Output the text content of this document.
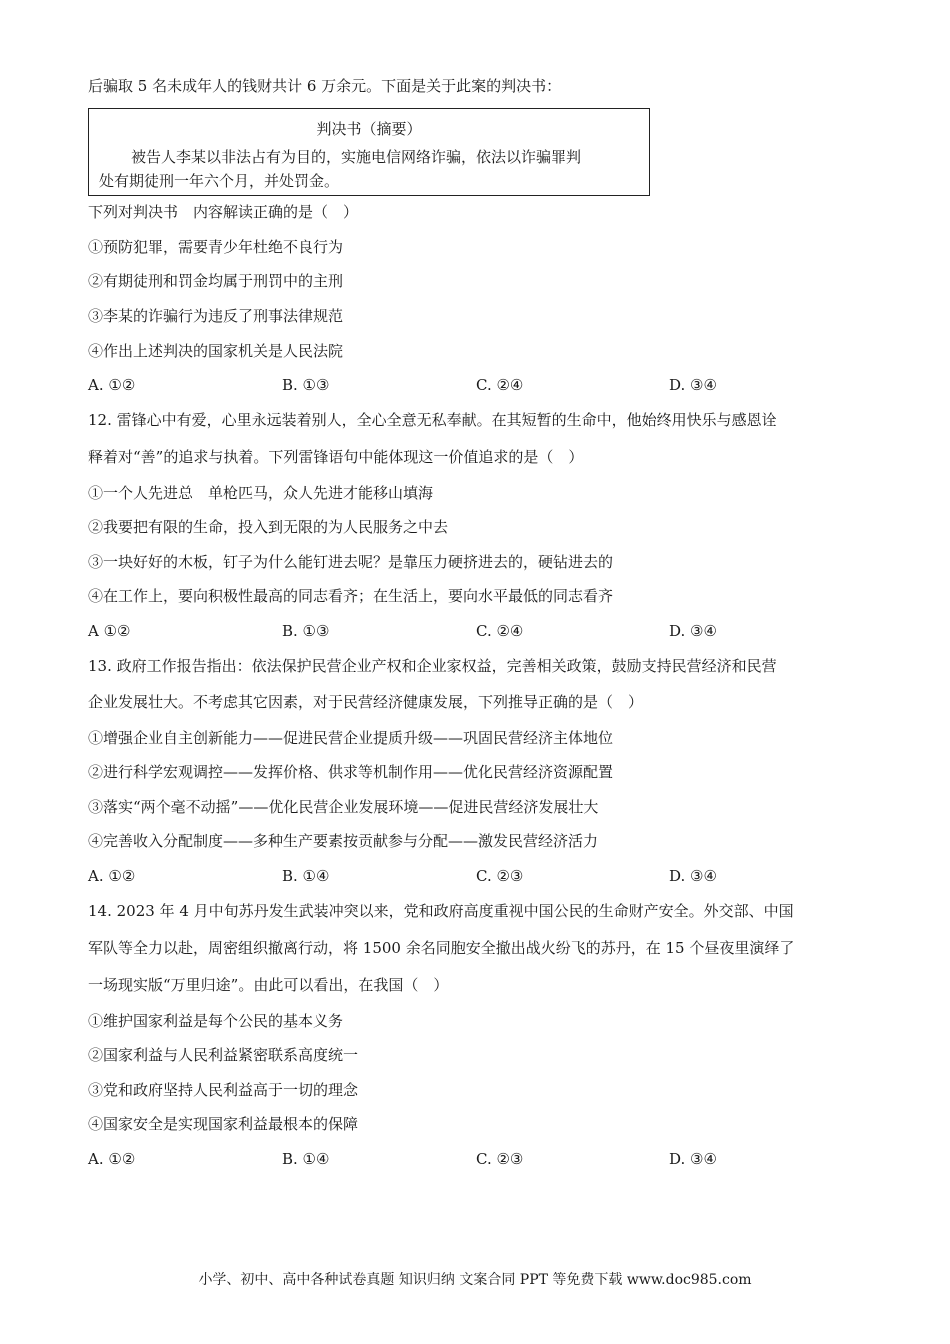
后骗取 5 名未成年人的钱财共计 6 万余元。下面是关于此案的判决书：
判决书（摘要）
被告人李某以非法占有为目的，实施电信网络诈骗，依法以诈骗罪判
处有期徒刑一年六个月，并处罚金。
下列对判决书　内容解读正确的是（　）
①预防犯罪，需要青少年杜绝不良行为
②有期徒刑和罚金均属于刑罚中的主刑
③李某的诈骗行为违反了刑事法律规范
④作出上述判决的国家机关是人民法院
A. ①②	B. ①③	C. ②④	D. ③④
12. 雷锋心中有爱，心里永远装着别人，全心全意无私奉献。在其短暂的生命中，他始终用快乐与感恩诠
释着对“善”的追求与执着。下列雷锋语句中能体现这一价值追求的是（　）
①一个人先进总　单枪匹马，众人先进才能移山填海
②我要把有限的生命，投入到无限的为人民服务之中去
③一块好好的木板，钉子为什么能钉进去呢？是靠压力硬挤进去的，硬钻进去的
④在工作上，要向积极性最高的同志看齐；在生活上，要向水平最低的同志看齐
A ①②	B. ①③	C. ②④	D. ③④
13. 政府工作报告指出：依法保护民营企业产权和企业家权益，完善相关政策，鼓励支持民营经济和民营
企业发展壮大。不考虑其它因素，对于民营经济健康发展，下列推导正确的是（　）
①增强企业自主创新能力——促进民营企业提质升级——巩固民营经济主体地位
②进行科学宏观调控——发挥价格、供求等机制作用——优化民营经济资源配置
③落实“两个毫不动摇”——优化民营企业发展环境——促进民营经济发展壮大
④完善收入分配制度——多种生产要素按贡献参与分配——激发民营经济活力
A. ①②	B. ①④	C. ②③	D. ③④
14. 2023 年 4 月中旬苏丹发生武装冲突以来，党和政府高度重视中国公民的生命财产安全。外交部、中国
军队等全力以赴，周密组织撤离行动，将 1500 余名同胞安全撤出战火纷飞的苏丹，在 15 个昼夜里演绎了
一场现实版“万里归途”。由此可以看出，在我国（　）
①维护国家利益是每个公民的基本义务
②国家利益与人民利益紧密联系高度统一
③党和政府坚持人民利益高于一切的理念
④国家安全是实现国家利益最根本的保障
A. ①②	B. ①④	C. ②③	D. ③④
小学、初中、高中各种试卷真题 知识归纳 文案合同 PPT 等免费下载 www.doc985.com
